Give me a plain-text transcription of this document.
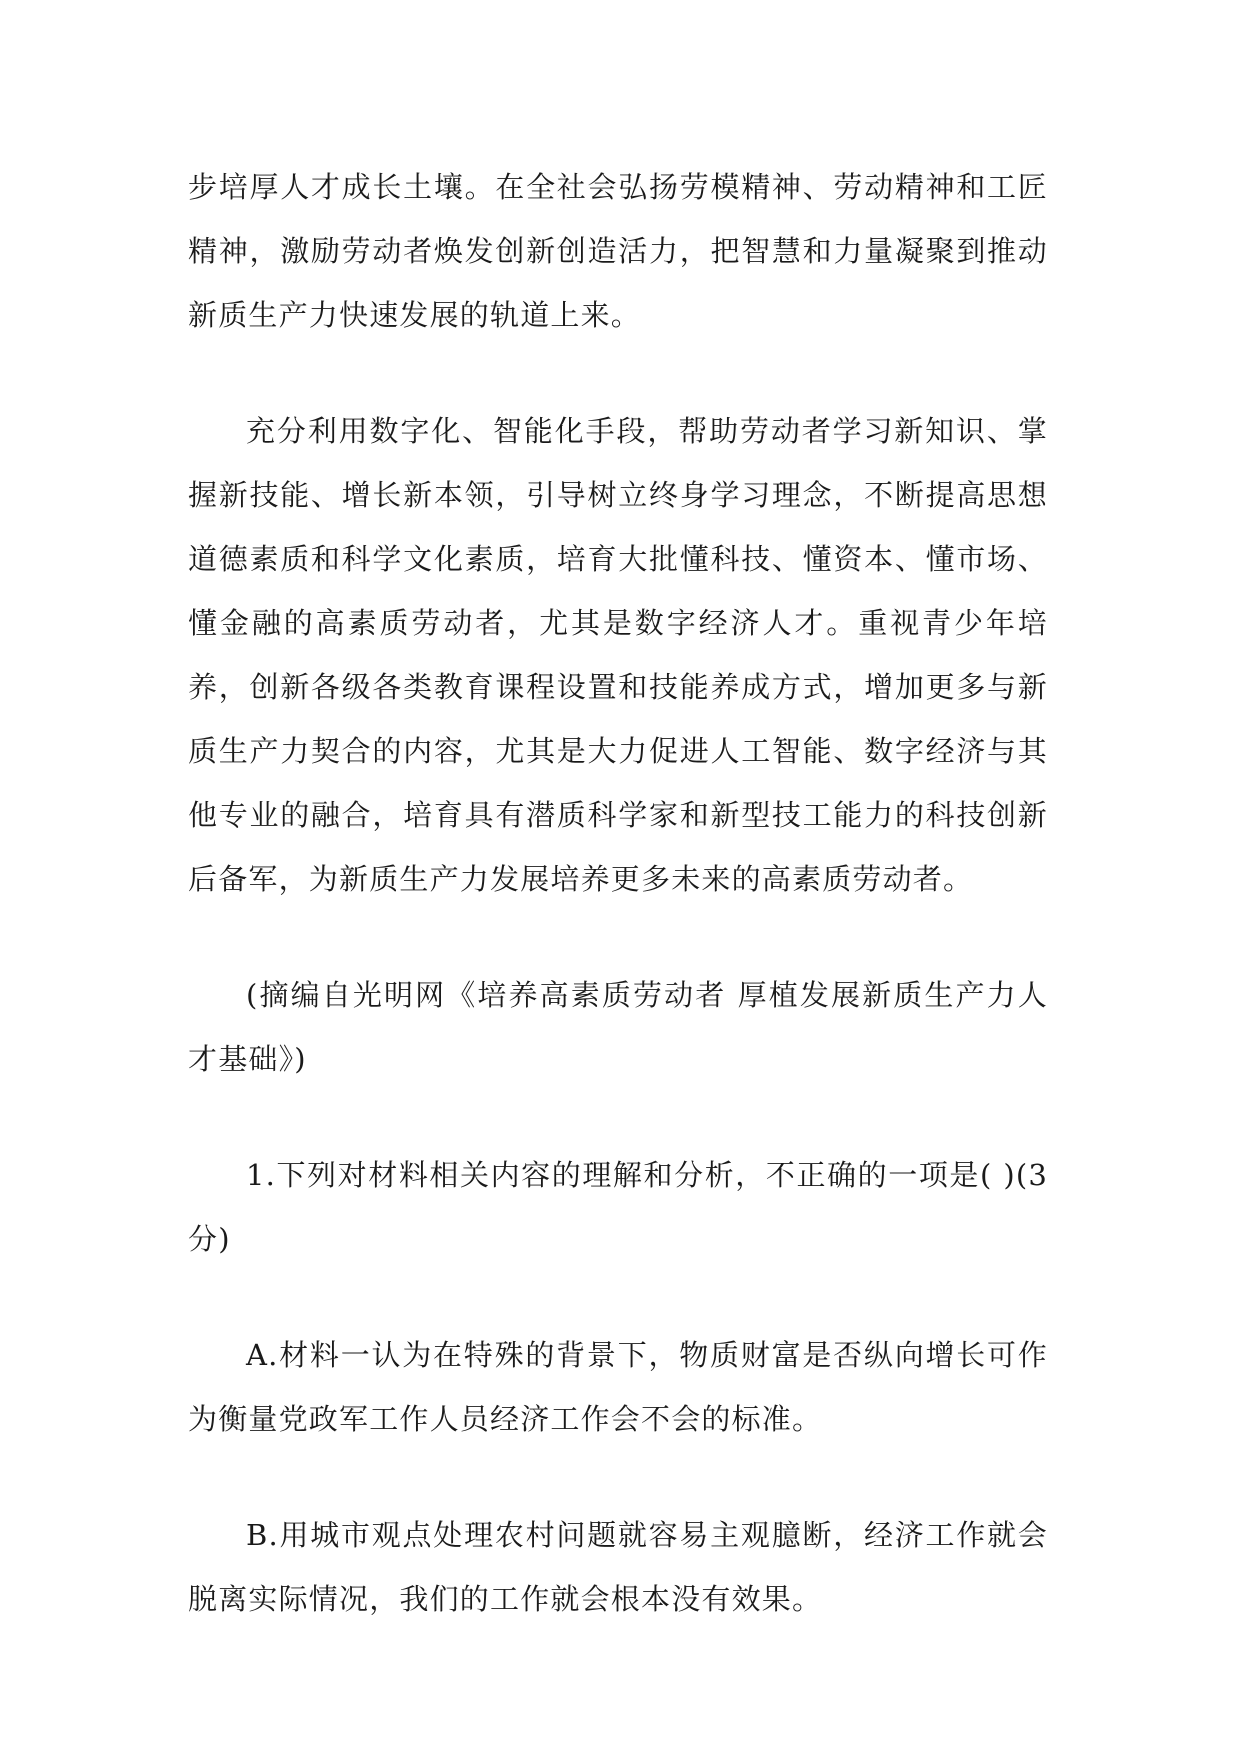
步培厚人才成长土壤。在全社会弘扬劳模精神、劳动精神和工匠精神，激励劳动者焕发创新创造活力，把智慧和力量凝聚到推动新质生产力快速发展的轨道上来。

充分利用数字化、智能化手段，帮助劳动者学习新知识、掌握新技能、增长新本领，引导树立终身学习理念，不断提高思想道德素质和科学文化素质，培育大批懂科技、懂资本、懂市场、懂金融的高素质劳动者，尤其是数字经济人才。重视青少年培养，创新各级各类教育课程设置和技能养成方式，增加更多与新质生产力契合的内容，尤其是大力促进人工智能、数字经济与其他专业的融合，培育具有潜质科学家和新型技工能力的科技创新后备军，为新质生产力发展培养更多未来的高素质劳动者。

(摘编自光明网《培养高素质劳动者 厚植发展新质生产力人才基础》)

1.下列对材料相关内容的理解和分析，不正确的一项是( )(3 分)

A.材料一认为在特殊的背景下，物质财富是否纵向增长可作为衡量党政军工作人员经济工作会不会的标准。

B.用城市观点处理农村问题就容易主观臆断，经济工作就会脱离实际情况，我们的工作就会根本没有效果。
